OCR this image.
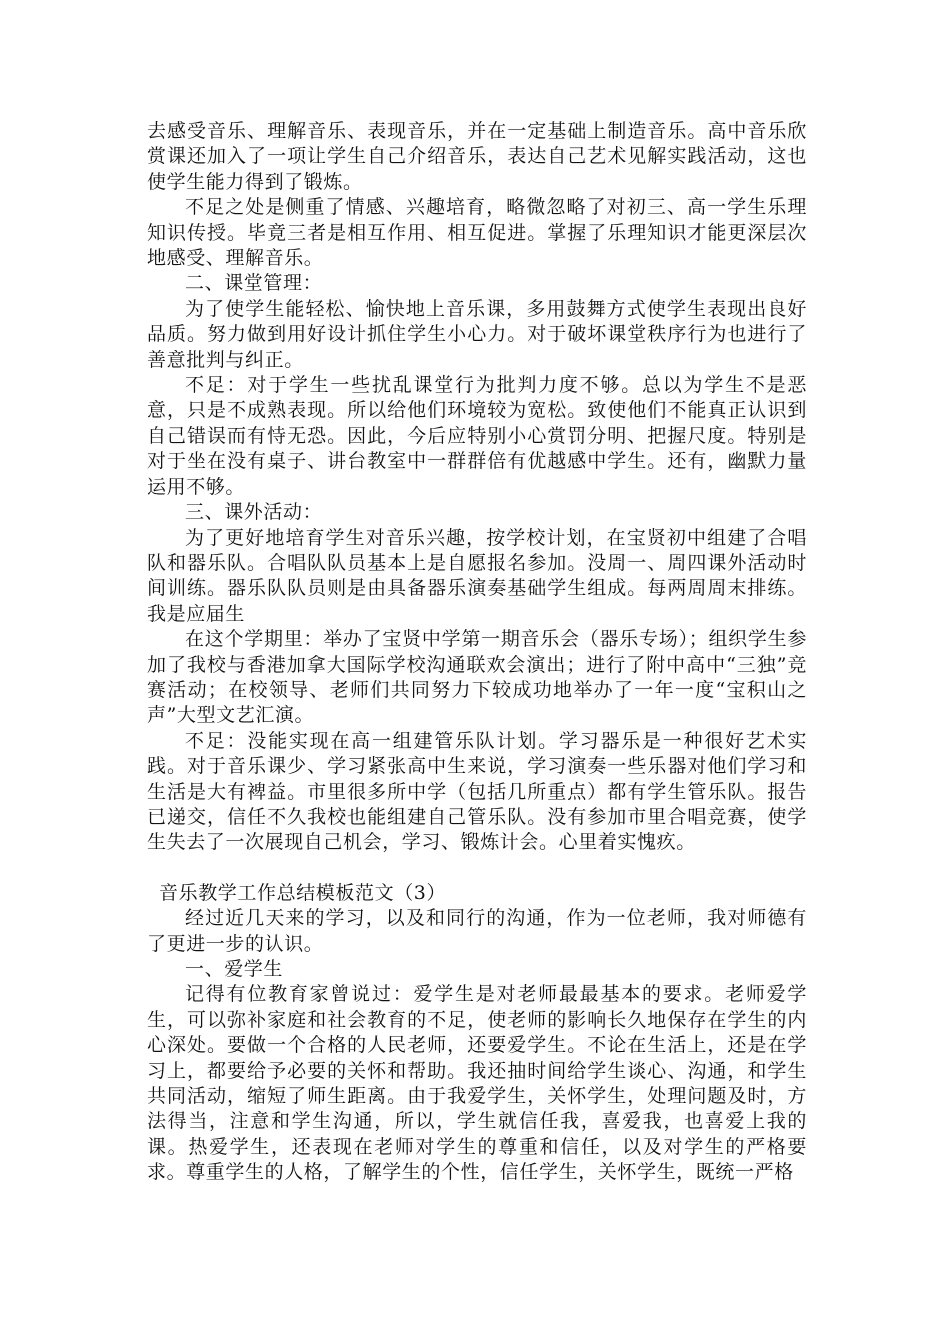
去感受音乐、理解音乐、表现音乐，并在一定基础上制造音乐。高中音乐欣赏课还加入了一项让学生自己介绍音乐，表达自己艺术见解实践活动，这也使学生能力得到了锻炼。

不足之处是侧重了情感、兴趣培育，略微忽略了对初三、高一学生乐理知识传授。毕竟三者是相互作用、相互促进。掌握了乐理知识才能更深层次地感受、理解音乐。

二、课堂管理：

为了使学生能轻松、愉快地上音乐课，多用鼓舞方式使学生表现出良好品质。努力做到用好设计抓住学生小心力。对于破坏课堂秩序行为也进行了善意批判与纠正。

不足：对于学生一些扰乱课堂行为批判力度不够。总以为学生不是恶意，只是不成熟表现。所以给他们环境较为宽松。致使他们不能真正认识到自己错误而有恃无恐。因此，今后应特别小心赏罚分明、把握尺度。特别是对于坐在没有桌子、讲台教室中一群群倍有优越感中学生。还有，幽默力量运用不够。

三、课外活动：

为了更好地培育学生对音乐兴趣，按学校计划，在宝贤初中组建了合唱队和器乐队。合唱队队员基本上是自愿报名参加。没周一、周四课外活动时间训练。器乐队队员则是由具备器乐演奏基础学生组成。每两周周末排练。我是应届生

在这个学期里：举办了宝贤中学第一期音乐会（器乐专场）；组织学生参加了我校与香港加拿大国际学校沟通联欢会演出；进行了附中高中“三独”竞赛活动；在校领导、老师们共同努力下较成功地举办了一年一度“宝积山之声”大型文艺汇演。

不足：没能实现在高一组建管乐队计划。学习器乐是一种很好艺术实践。对于音乐课少、学习紧张高中生来说，学习演奏一些乐器对他们学习和生活是大有裨益。市里很多所中学（包括几所重点）都有学生管乐队。报告已递交，信任不久我校也能组建自己管乐队。没有参加市里合唱竞赛，使学生失去了一次展现自己机会，学习、锻炼计会。心里着实愧疚。

音乐教学工作总结模板范文（3）

经过近几天来的学习，以及和同行的沟通，作为一位老师，我对师德有了更进一步的认识。

一、爱学生

记得有位教育家曾说过：爱学生是对老师最最基本的要求。老师爱学生，可以弥补家庭和社会教育的不足，使老师的影响长久地保存在学生的内心深处。要做一个合格的人民老师，还要爱学生。不论在生活上，还是在学习上，都要给予必要的关怀和帮助。我还抽时间给学生谈心、沟通，和学生共同活动，缩短了师生距离。由于我爱学生，关怀学生，处理问题及时，方法得当，注意和学生沟通，所以，学生就信任我，喜爱我，也喜爱上我的课。热爱学生，还表现在老师对学生的尊重和信任，以及对学生的严格要求。尊重学生的人格，了解学生的个性，信任学生，关怀学生，既统一严格
